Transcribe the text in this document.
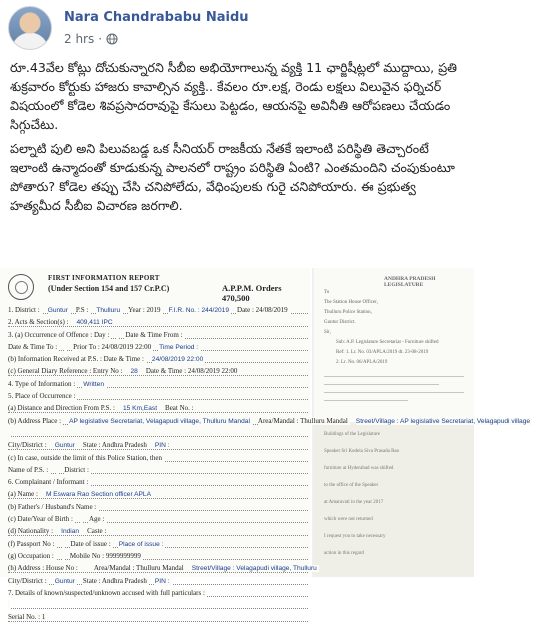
Nara Chandrababu Naidu
2 hrs ·

రూ.43వేల కోట్లు దోచుకున్నారని సీబీఐ అభియోగాలున్న వ్యక్తి 11 ఛార్జిషీట్లలో ముద్దాయి, ప్రతి శుక్రవారం కోర్టుకు హాజరు కావాల్సిన వ్యక్తి.. కేవలం రూ.లక్ష, రెండు లక్షలు విలువైన ఫర్నిచర్ విషయంలో కోడెల శివప్రసాదరావుపై కేసులు పెట్టడం, ఆయనపై అవినీతి ఆరోపణలు చేయడం సిగ్గుచేటు.

పల్నాటి పులి అని పిలువబడ్డ ఒక సీనియర్ రాజకీయ నేతకే ఇలాంటి పరిస్థితి తెచ్చారంటే ఇలాంటి ఉన్మాదంతో కూడుకున్న పాలనలో రాష్ట్రం పరిస్థితి ఏంటి? ఎంతమందిని చంపుకుంటూ పోతారు? కోడెల తప్పు చేసి చనిపోలేదు, వేధింపులకు గురై చనిపోయారు. ఈ ప్రభుత్వ హత్యమీద సీబీఐ విచారణ జరగాలి.

FIRST INFORMATION REPORT
(Under Section 154 and 157 Cr.P.C)	A.P.P.M. Orders 470,500
1. District : Guntur P.S : Thulluru Year : 2019 F.I.R. No. : 244/2019 Date : 24/08/2019
2. Acts & Section(s) : 409,411 IPC
3. (a) Occurrence of Offence : Day : Date & Time From :
Date & Time To : Prior To : 24/08/2019 22:00 Time Period :
(b) Information Received at P.S. : Date & Time : 24/08/2019 22:00
(c) General Diary Reference : Entry No : 28 Date & Time : 24/08/2019 22:00
4. Type of Information : Written
5. Place of Occurrence :
(a) Distance and Direction From P.S. : 15 Km,East Beat No. :
(b) Address Place : AP legislative Secretariat, Velagapudi village, Thulluru Mandal Area/Mandal : Thulluru Mandal Street/Village : AP legislative Secretariat, Velagapudi village
City/District : Guntur State : Andhra Pradesh PIN :
(c) In case, outside the limit of this Police Station, then
Name of P.S. : District :
6. Complainant / Informant :
(a) Name : M Eswara Rao Section officer APLA
(b) Father's / Husband's Name :
(c) Date/Year of Birth : Age :
(d) Nationality : Indian Caste :
(f) Passport No : Date of issue : Place of issue :
(g) Occupation : Mobile No : 9999999999
(h) Address : House No : Area/Mandal : Thulluru Mandal Street/Village : Velagapudi village, Thulluru
City/District : Guntur State : Andhra Pradesh PIN :
7. Details of known/suspected/unknown accused with full particulars :
Serial No. : 1
ANDHRA PRADESH LEGISLATURE
To
The Station House Officer,
Thulluru Police Station,
Guntur District.
Sir,
Sub: A.P. Legislature Secretariat - Furniture shifted
Ref: 1. Lr. No. 03/APLA/2019 dt. 23-08-2019
2. Lr. No. 06/APLA/2019
Buildings of the Legislature
Speaker Sri Kodela Siva Prasada Rao
furniture at Hyderabad was shifted
to the office of the Speaker
at Amaravati in the year 2017
which were not returned
I request you to take necessary
action in this regard
